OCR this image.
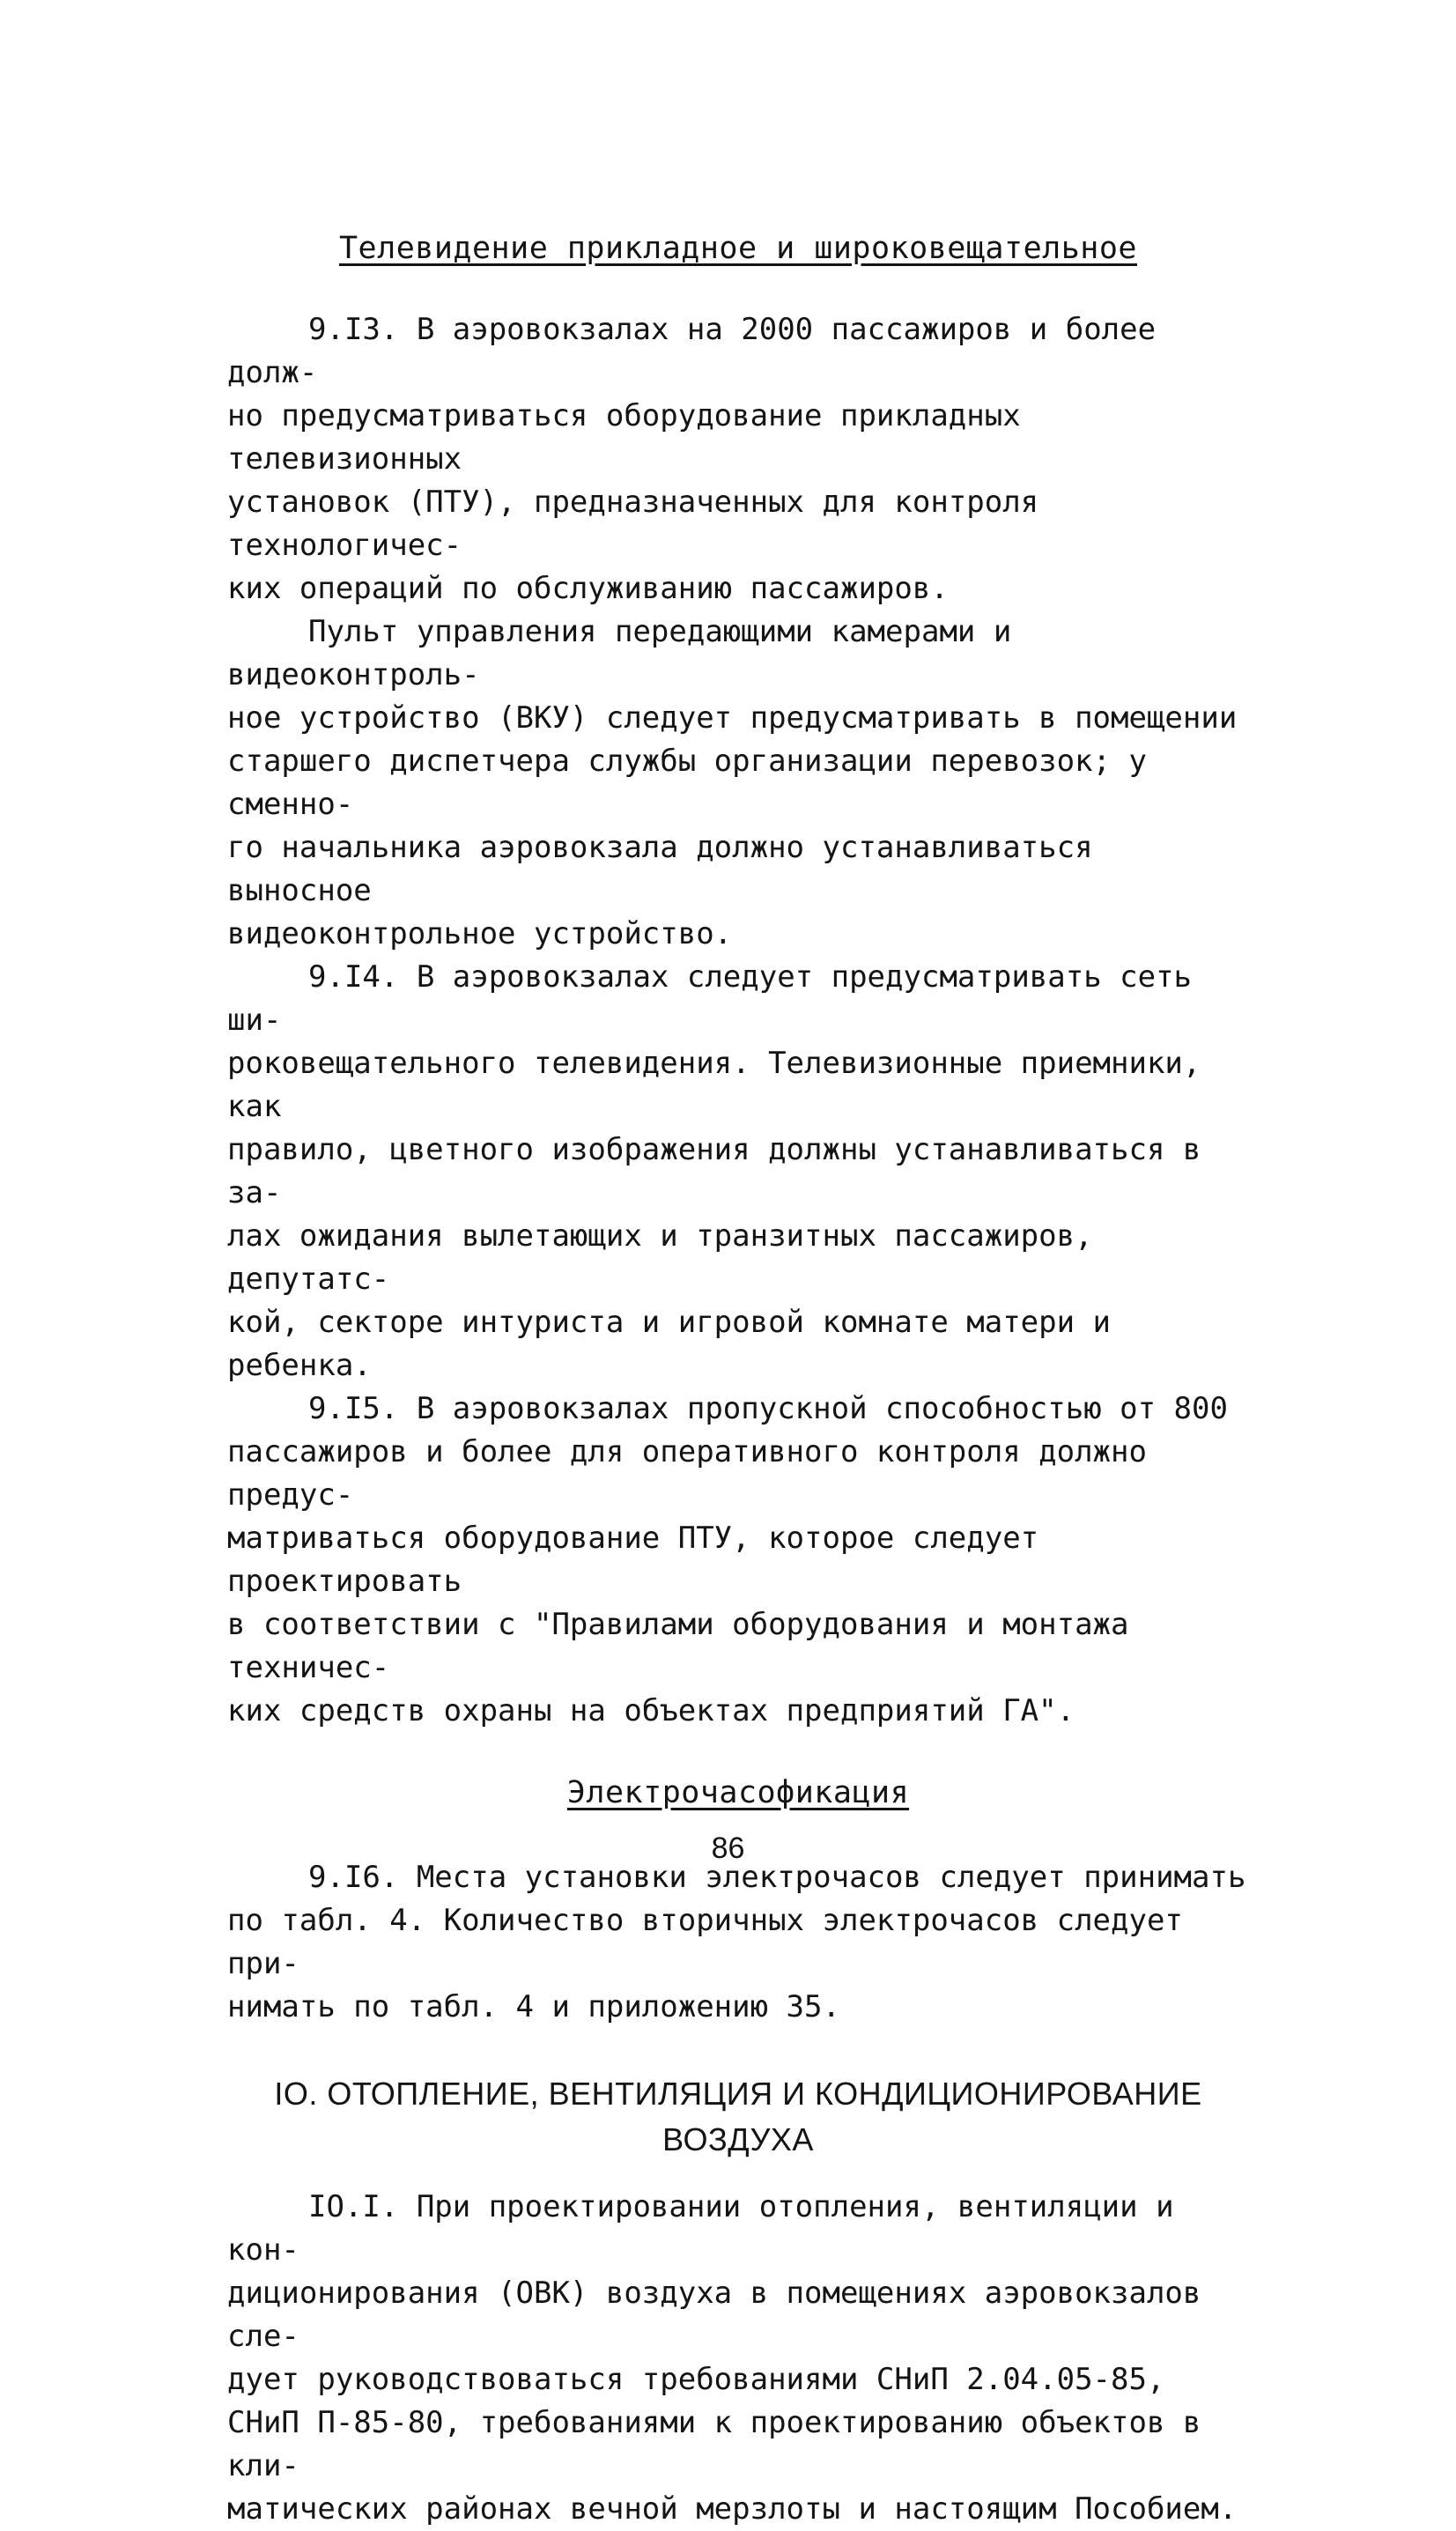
Телевидение прикладное и широковещательное

9.I3. В аэровокзалах на 2000 пассажиров и более долж-
но предусматриваться оборудование прикладных телевизионных
установок (ПТУ), предназначенных для контроля технологичес-
ких операций по обслуживанию пассажиров.

Пульт управления передающими камерами и видеоконтроль-
ное устройство (ВКУ) следует предусматривать в помещении
старшего диспетчера службы организации перевозок; у сменно-
го начальника аэровокзала должно устанавливаться выносное
видеоконтрольное устройство.

9.I4. В аэровокзалах следует предусматривать сеть ши-
роковещательного телевидения. Телевизионные приемники, как
правило, цветного изображения должны устанавливаться в за-
лах ожидания вылетающих и транзитных пассажиров, депутатс-
кой, секторе интуриста и игровой комнате матери и ребенка.

9.I5. В аэровокзалах пропускной способностью от 800
пассажиров и более для оперативного контроля должно предус-
матриваться оборудование ПТУ, которое следует проектировать
в соответствии с "Правилами оборудования и монтажа техничес-
ких средств охраны на объектах предприятий ГА".

Электрочасофикация

9.I6. Места установки электрочасов следует принимать
по табл. 4. Количество вторичных электрочасов следует при-
нимать по табл. 4 и приложению 35.

IO. ОТОПЛЕНИЕ, ВЕНТИЛЯЦИЯ И КОНДИЦИОНИРОВАНИЕ

ВОЗДУХА

IO.I. При проектировании отопления, вентиляции и кон-
диционирования (ОВК) воздуха в помещениях аэровокзалов сле-
дует руководствоваться требованиями СНиП 2.04.05-85,
СНиП П-85-80, требованиями к проектированию объектов в кли-
матических районах вечной мерзлоты и настоящим Пособием.

86
